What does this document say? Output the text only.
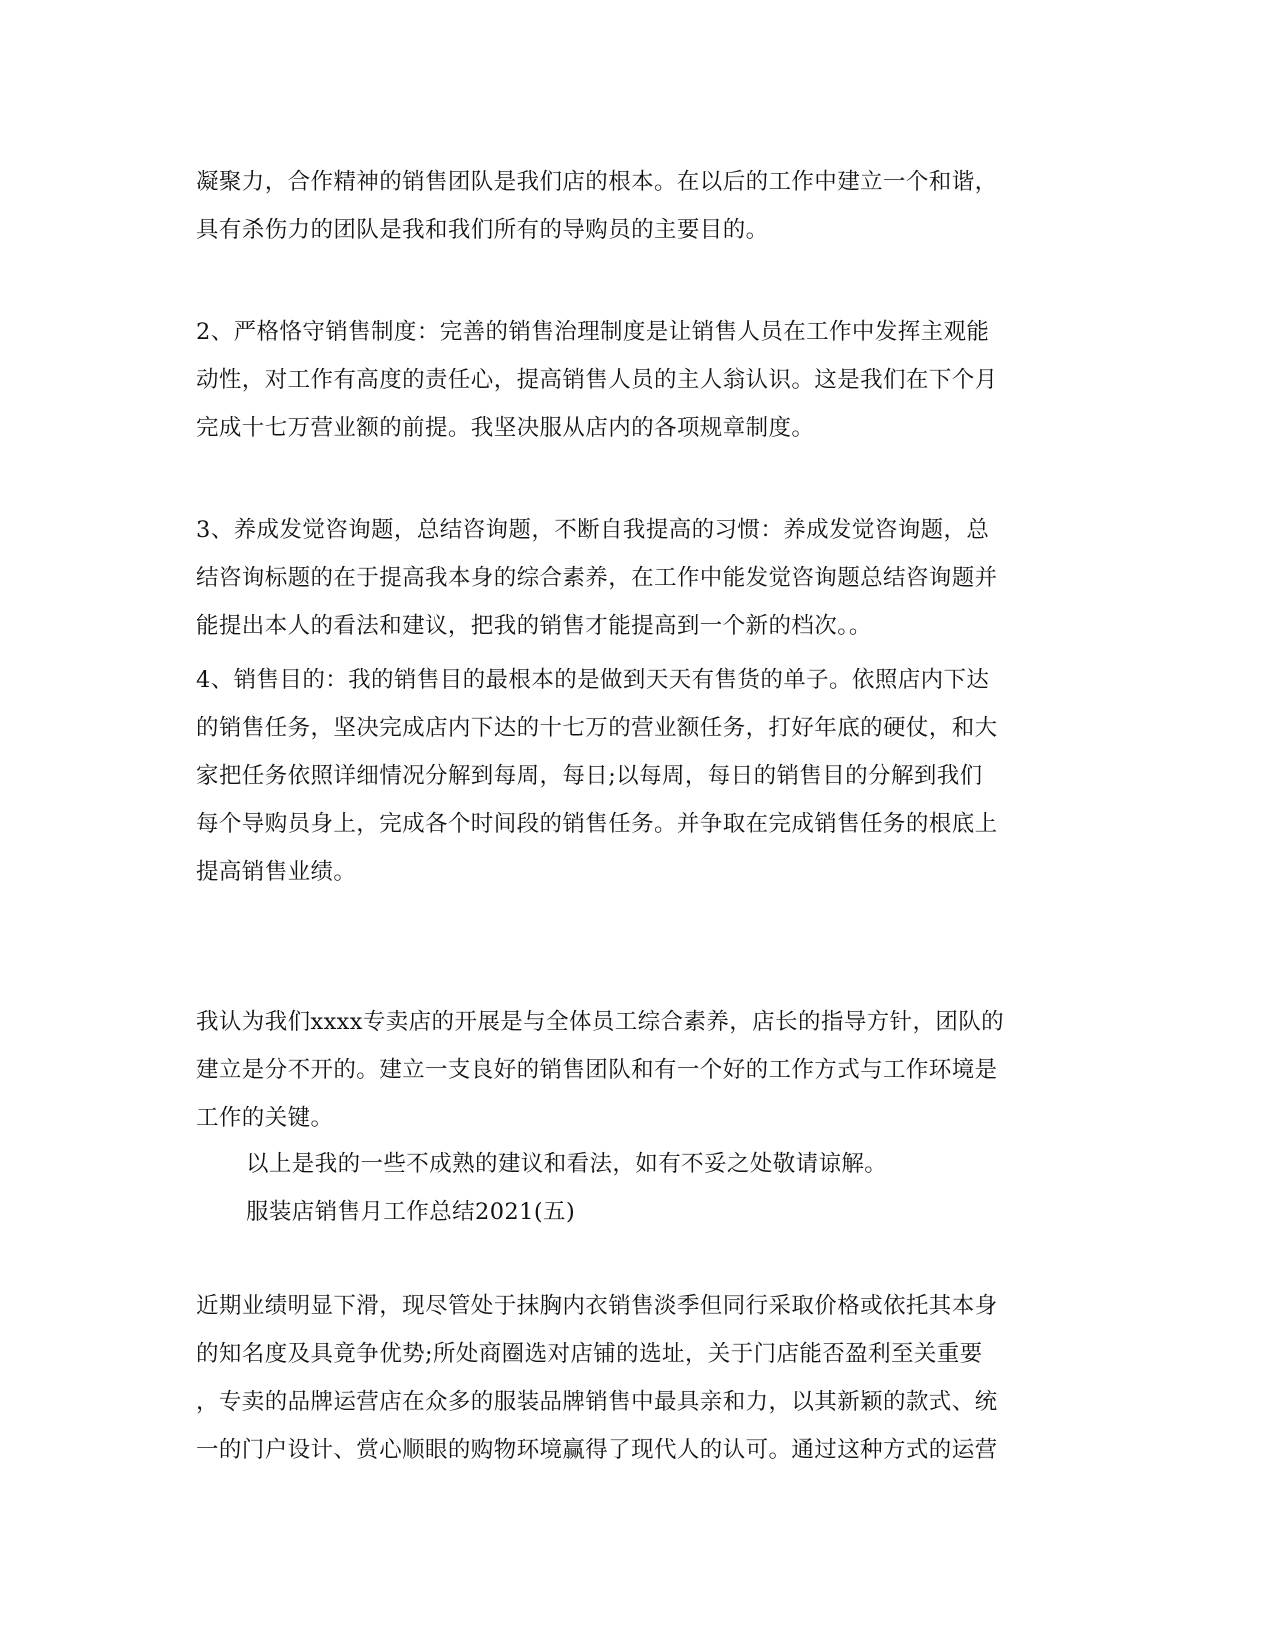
凝聚力，合作精神的销售团队是我们店的根本。在以后的工作中建立一个和谐，
具有杀伤力的团队是我和我们所有的导购员的主要目的。
2、严格恪守销售制度：完善的销售治理制度是让销售人员在工作中发挥主观能
动性，对工作有高度的责任心，提高销售人员的主人翁认识。这是我们在下个月
完成十七万营业额的前提。我坚决服从店内的各项规章制度。
3、养成发觉咨询题，总结咨询题，不断自我提高的习惯：养成发觉咨询题，总
结咨询标题的在于提高我本身的综合素养，在工作中能发觉咨询题总结咨询题并
能提出本人的看法和建议，把我的销售才能提高到一个新的档次。。
4、销售目的：我的销售目的最根本的是做到天天有售货的单子。依照店内下达
的销售任务，坚决完成店内下达的十七万的营业额任务，打好年底的硬仗，和大
家把任务依照详细情况分解到每周，每日;以每周，每日的销售目的分解到我们
每个导购员身上，完成各个时间段的销售任务。并争取在完成销售任务的根底上
提高销售业绩。
我认为我们xxxx专卖店的开展是与全体员工综合素养，店长的指导方针，团队的
建立是分不开的。建立一支良好的销售团队和有一个好的工作方式与工作环境是
工作的关键。
以上是我的一些不成熟的建议和看法，如有不妥之处敬请谅解。
服装店销售月工作总结2021(五)
近期业绩明显下滑，现尽管处于抹胸内衣销售淡季但同行采取价格或依托其本身
的知名度及具竟争优势;所处商圈选对店铺的选址，关于门店能否盈利至关重要
，专卖的品牌运营店在众多的服装品牌销售中最具亲和力，以其新颖的款式、统
一的门户设计、赏心顺眼的购物环境赢得了现代人的认可。通过这种方式的运营
